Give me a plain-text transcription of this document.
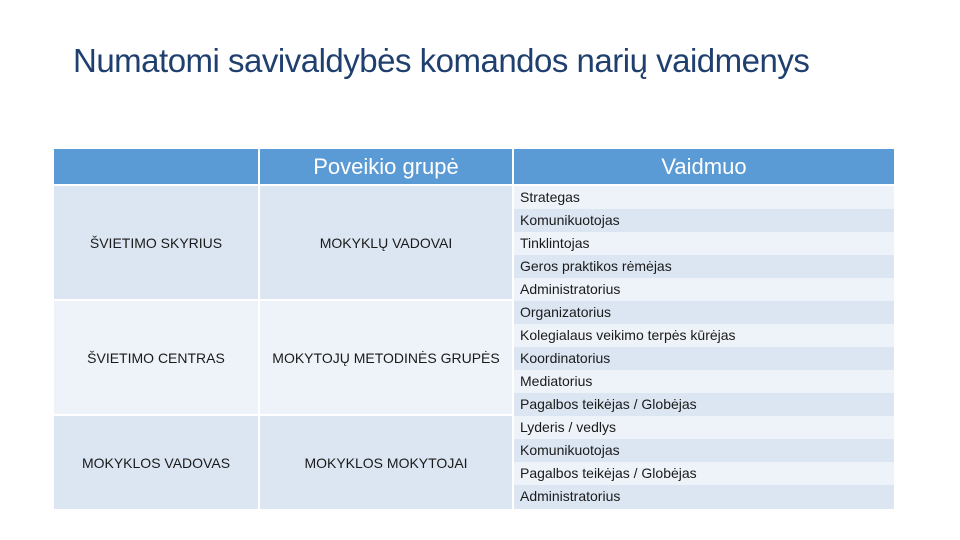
Numatomi savivaldybės komandos narių vaidmenys
Poveikio grupė	Vaidmuo
ŠVIETIMO SKYRIUS
ŠVIETIMO CENTRAS
MOKYKLOS VADOVAS
MOKYKLŲ VADOVAI
MOKYTOJŲ METODINĖS GRUPĖS
MOKYKLOS MOKYTOJAI
Strategas
Komunikuotojas
Tinklintojas
Geros praktikos rėmėjas
Administratorius
Organizatorius
Kolegialaus veikimo terpės kūrėjas
Koordinatorius
Mediatorius
Pagalbos teikėjas / Globėjas
Lyderis / vedlys
Komunikuotojas
Pagalbos teikėjas / Globėjas
Administratorius
